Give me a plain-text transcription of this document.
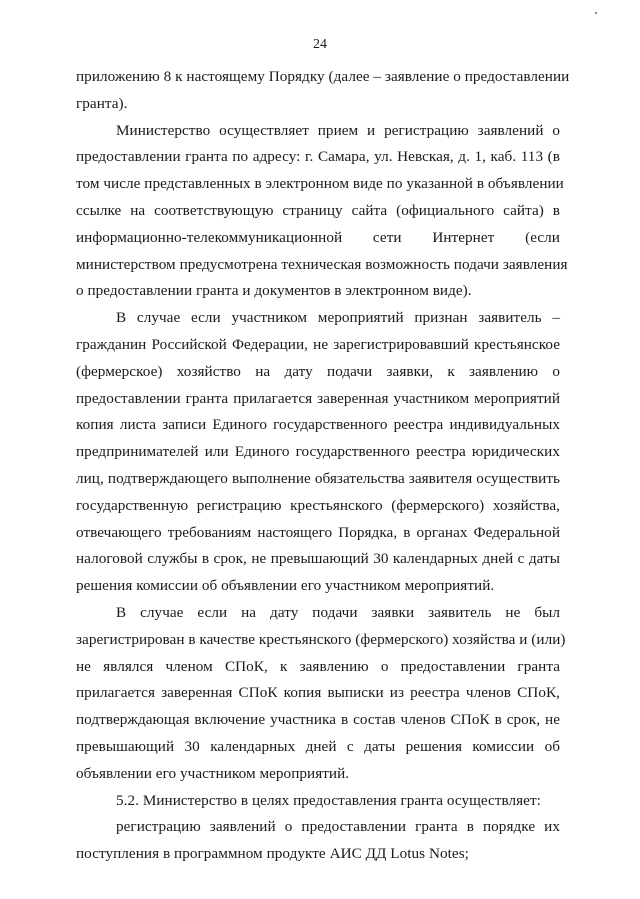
24
приложению 8 к настоящему Порядку (далее – заявление о предоставлении
гранта).
Министерство осуществляет прием и регистрацию заявлений о
предоставлении гранта по адресу: г. Самара, ул. Невская, д. 1, каб. 113 (в
том числе представленных в электронном виде по указанной в объявлении
ссылке на соответствующую страницу сайта (официального сайта) в
информационно-телекоммуникационной сети Интернет (если
министерством предусмотрена техническая возможность подачи заявления
о предоставлении гранта и документов в электронном виде).
В случае если участником мероприятий признан заявитель –
гражданин Российской Федерации, не зарегистрировавший крестьянское
(фермерское) хозяйство на дату подачи заявки, к заявлению о
предоставлении гранта прилагается заверенная участником мероприятий
копия листа записи Единого государственного реестра индивидуальных
предпринимателей или Единого государственного реестра юридических
лиц, подтверждающего выполнение обязательства заявителя осуществить
государственную регистрацию крестьянского (фермерского) хозяйства,
отвечающего требованиям настоящего Порядка, в органах Федеральной
налоговой службы в срок, не превышающий 30 календарных дней с даты
решения комиссии об объявлении его участником мероприятий.
В случае если на дату подачи заявки заявитель не был
зарегистрирован в качестве крестьянского (фермерского) хозяйства и (или)
не являлся членом СПоК, к заявлению о предоставлении гранта
прилагается заверенная СПоК копия выписки из реестра членов СПоК,
подтверждающая включение участника в состав членов СПоК в срок, не
превышающий 30 календарных дней с даты решения комиссии об
объявлении его участником мероприятий.
5.2. Министерство в целях предоставления гранта осуществляет:
регистрацию заявлений о предоставлении гранта в порядке их
поступления в программном продукте АИС ДД Lotus Notes;
